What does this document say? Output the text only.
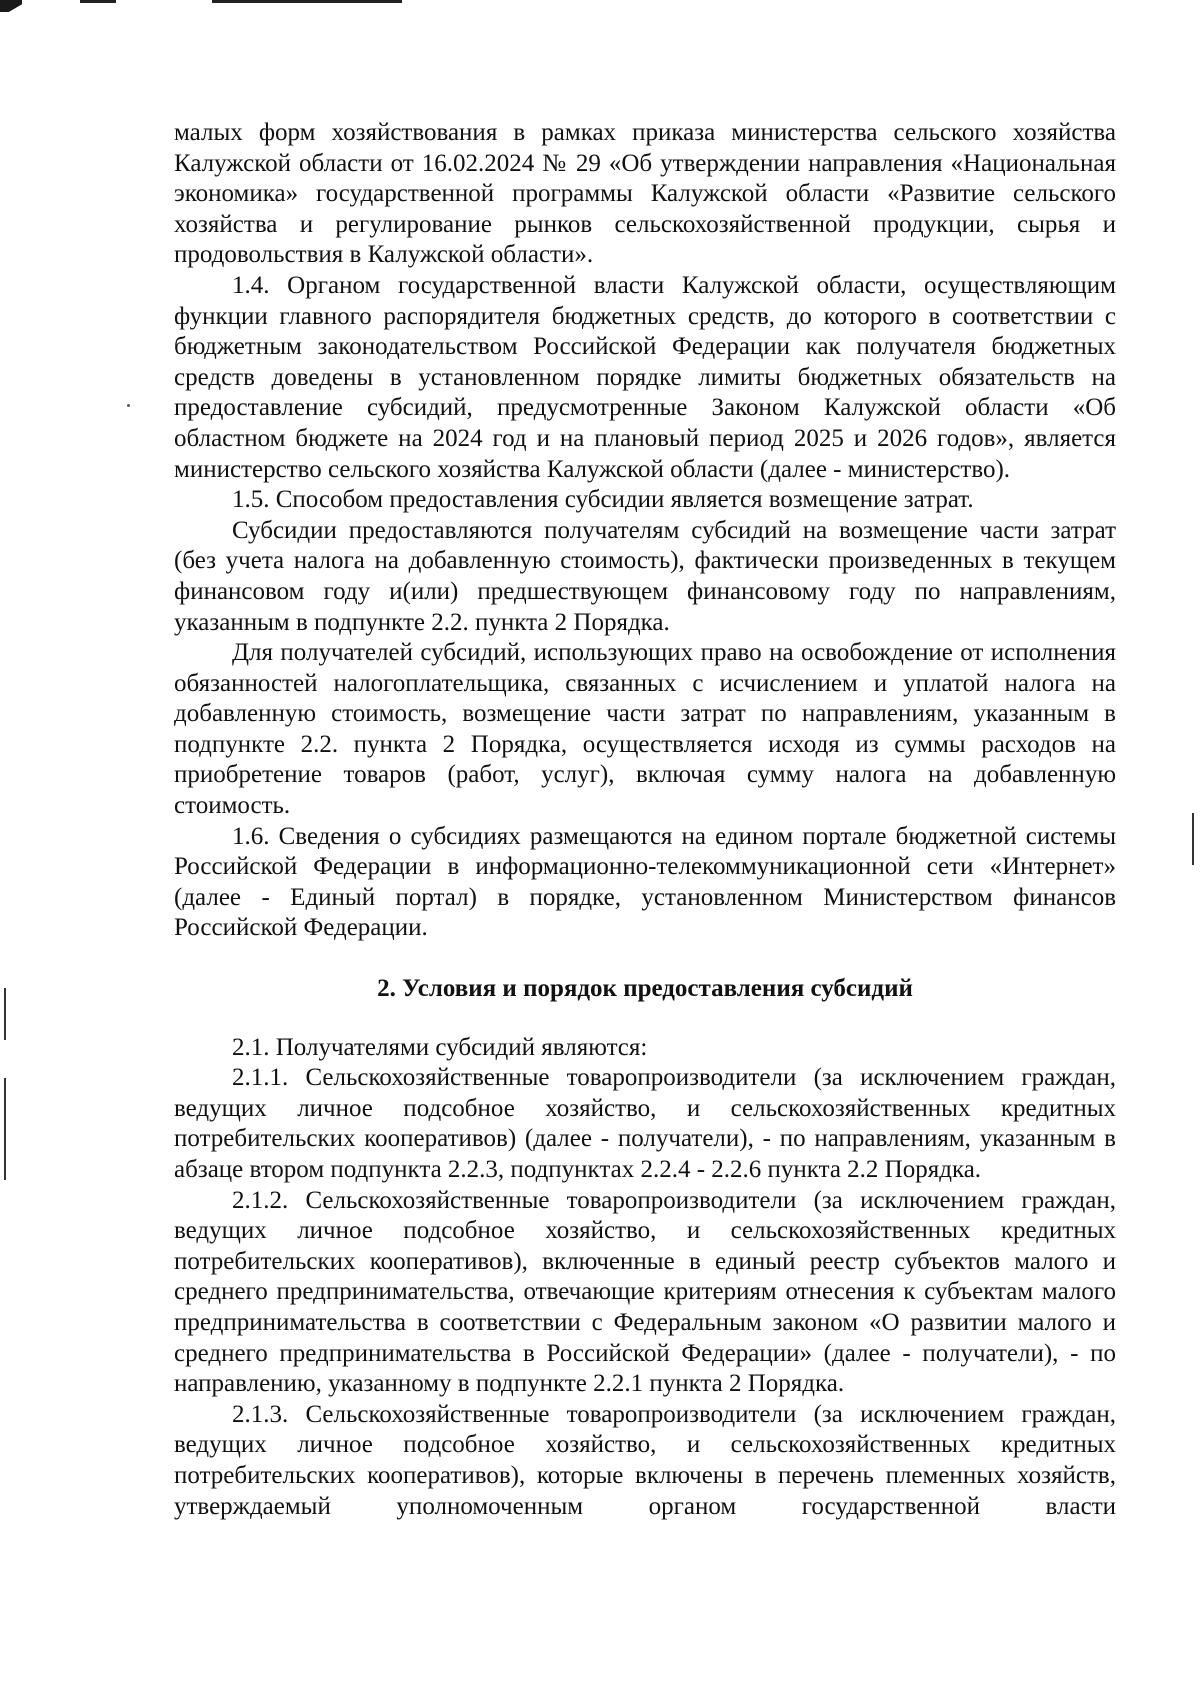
малых форм хозяйствования в рамках приказа министерства сельского хозяйства Калужской области от 16.02.2024 № 29 «Об утверждении направления «Национальная экономика» государственной программы Калужской области «Развитие сельского хозяйства и регулирование рынков сельскохозяйственной продукции, сырья и продовольствия в Калужской области».

1.4. Органом государственной власти Калужской области, осуществляющим функции главного распорядителя бюджетных средств, до которого в соответствии с бюджетным законодательством Российской Федерации как получателя бюджетных средств доведены в установленном порядке лимиты бюджетных обязательств на предоставление субсидий, предусмотренные Законом Калужской области «Об областном бюджете на 2024 год и на плановый период 2025 и 2026 годов», является министерство сельского хозяйства Калужской области (далее - министерство).

1.5. Способом предоставления субсидии является возмещение затрат.

Субсидии предоставляются получателям субсидий на возмещение части затрат (без учета налога на добавленную стоимость), фактически произведенных в текущем финансовом году и(или) предшествующем финансовому году по направлениям, указанным в подпункте 2.2. пункта 2 Порядка.

Для получателей субсидий, использующих право на освобождение от исполнения обязанностей налогоплательщика, связанных с исчислением и уплатой налога на добавленную стоимость, возмещение части затрат по направлениям, указанным в подпункте 2.2. пункта 2 Порядка, осуществляется исходя из суммы расходов на приобретение товаров (работ, услуг), включая сумму налога на добавленную стоимость.

1.6. Сведения о субсидиях размещаются на едином портале бюджетной системы Российской Федерации в информационно-телекоммуникационной сети «Интернет» (далее - Единый портал) в порядке, установленном Министерством финансов Российской Федерации.

2. Условия и порядок предоставления субсидий

2.1. Получателями субсидий являются:

2.1.1. Сельскохозяйственные товаропроизводители (за исключением граждан, ведущих личное подсобное хозяйство, и сельскохозяйственных кредитных потребительских кооперативов) (далее - получатели), - по направлениям, указанным в абзаце втором подпункта 2.2.3, подпунктах 2.2.4 - 2.2.6 пункта 2.2 Порядка.

2.1.2. Сельскохозяйственные товаропроизводители (за исключением граждан, ведущих личное подсобное хозяйство, и сельскохозяйственных кредитных потребительских кооперативов), включенные в единый реестр субъектов малого и среднего предпринимательства, отвечающие критериям отнесения к субъектам малого предпринимательства в соответствии с Федеральным законом «О развитии малого и среднего предпринимательства в Российской Федерации» (далее - получатели), - по направлению, указанному в подпункте 2.2.1 пункта 2 Порядка.

2.1.3. Сельскохозяйственные товаропроизводители (за исключением граждан, ведущих личное подсобное хозяйство, и сельскохозяйственных кредитных потребительских кооперативов), которые включены в перечень племенных хозяйств, утверждаемый уполномоченным органом государственной власти
